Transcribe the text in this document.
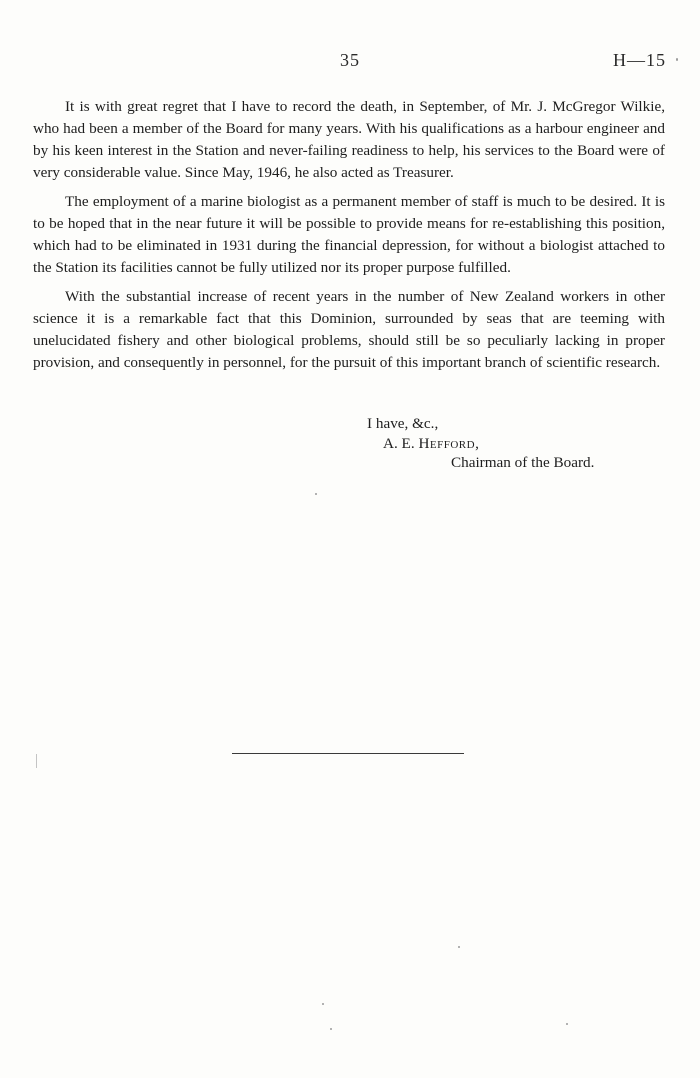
35	H—15

It is with great regret that I have to record the death, in September, of Mr. J. McGregor Wilkie, who had been a member of the Board for many years. With his qualifications as a harbour engineer and by his keen interest in the Station and never-failing readiness to help, his services to the Board were of very considerable value. Since May, 1946, he also acted as Treasurer.

The employment of a marine biologist as a permanent member of staff is much to be desired. It is to be hoped that in the near future it will be possible to provide means for re-establishing this position, which had to be eliminated in 1931 during the financial depression, for without a biologist attached to the Station its facilities cannot be fully utilized nor its proper purpose fulfilled.

With the substantial increase of recent years in the number of New Zealand workers in other science it is a remarkable fact that this Dominion, surrounded by seas that are teeming with unelucidated fishery and other biological problems, should still be so peculiarly lacking in proper provision, and consequently in personnel, for the pursuit of this important branch of scientific research.

I have, &c.,
A. E. Hefford,
Chairman of the Board.
